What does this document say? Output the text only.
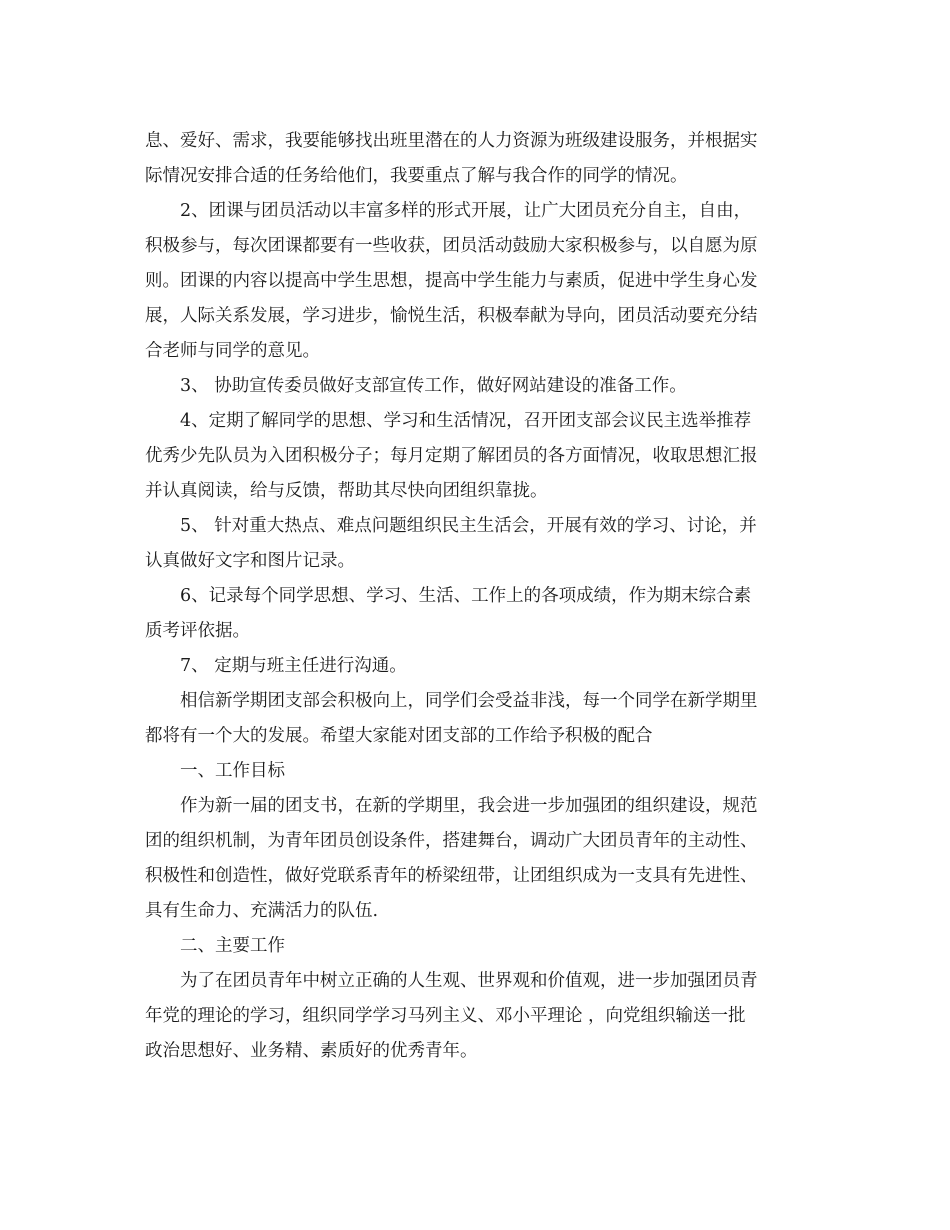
息、爱好、需求，我要能够找出班里潜在的人力资源为班级建设服务，并根据实
际情况安排合适的任务给他们，我要重点了解与我合作的同学的情况。
2、团课与团员活动以丰富多样的形式开展，让广大团员充分自主，自由，
积极参与，每次团课都要有一些收获，团员活动鼓励大家积极参与，以自愿为原
则。团课的内容以提高中学生思想，提高中学生能力与素质，促进中学生身心发
展，人际关系发展，学习进步，愉悦生活，积极奉献为导向，团员活动要充分结
合老师与同学的意见。
3、 协助宣传委员做好支部宣传工作，做好网站建设的准备工作。
4、定期了解同学的思想、学习和生活情况，召开团支部会议民主选举推荐
优秀少先队员为入团积极分子；每月定期了解团员的各方面情况，收取思想汇报
并认真阅读，给与反馈，帮助其尽快向团组织靠拢。
5、 针对重大热点、难点问题组织民主生活会，开展有效的学习、讨论，并
认真做好文字和图片记录。
6、记录每个同学思想、学习、生活、工作上的各项成绩，作为期末综合素
质考评依据。
7、 定期与班主任进行沟通。
相信新学期团支部会积极向上，同学们会受益非浅，每一个同学在新学期里
都将有一个大的发展。希望大家能对团支部的工作给予积极的配合
一、工作目标
作为新一届的团支书，在新的学期里，我会进一步加强团的组织建设，规范
团的组织机制，为青年团员创设条件，搭建舞台，调动广大团员青年的主动性、
积极性和创造性，做好党联系青年的桥梁纽带，让团组织成为一支具有先进性、
具有生命力、充满活力的队伍.
二、主要工作
为了在团员青年中树立正确的人生观、世界观和价值观，进一步加强团员青
年党的理论的学习，组织同学学习马列主义、邓小平理论 ，向党组织输送一批
政治思想好、业务精、素质好的优秀青年。
